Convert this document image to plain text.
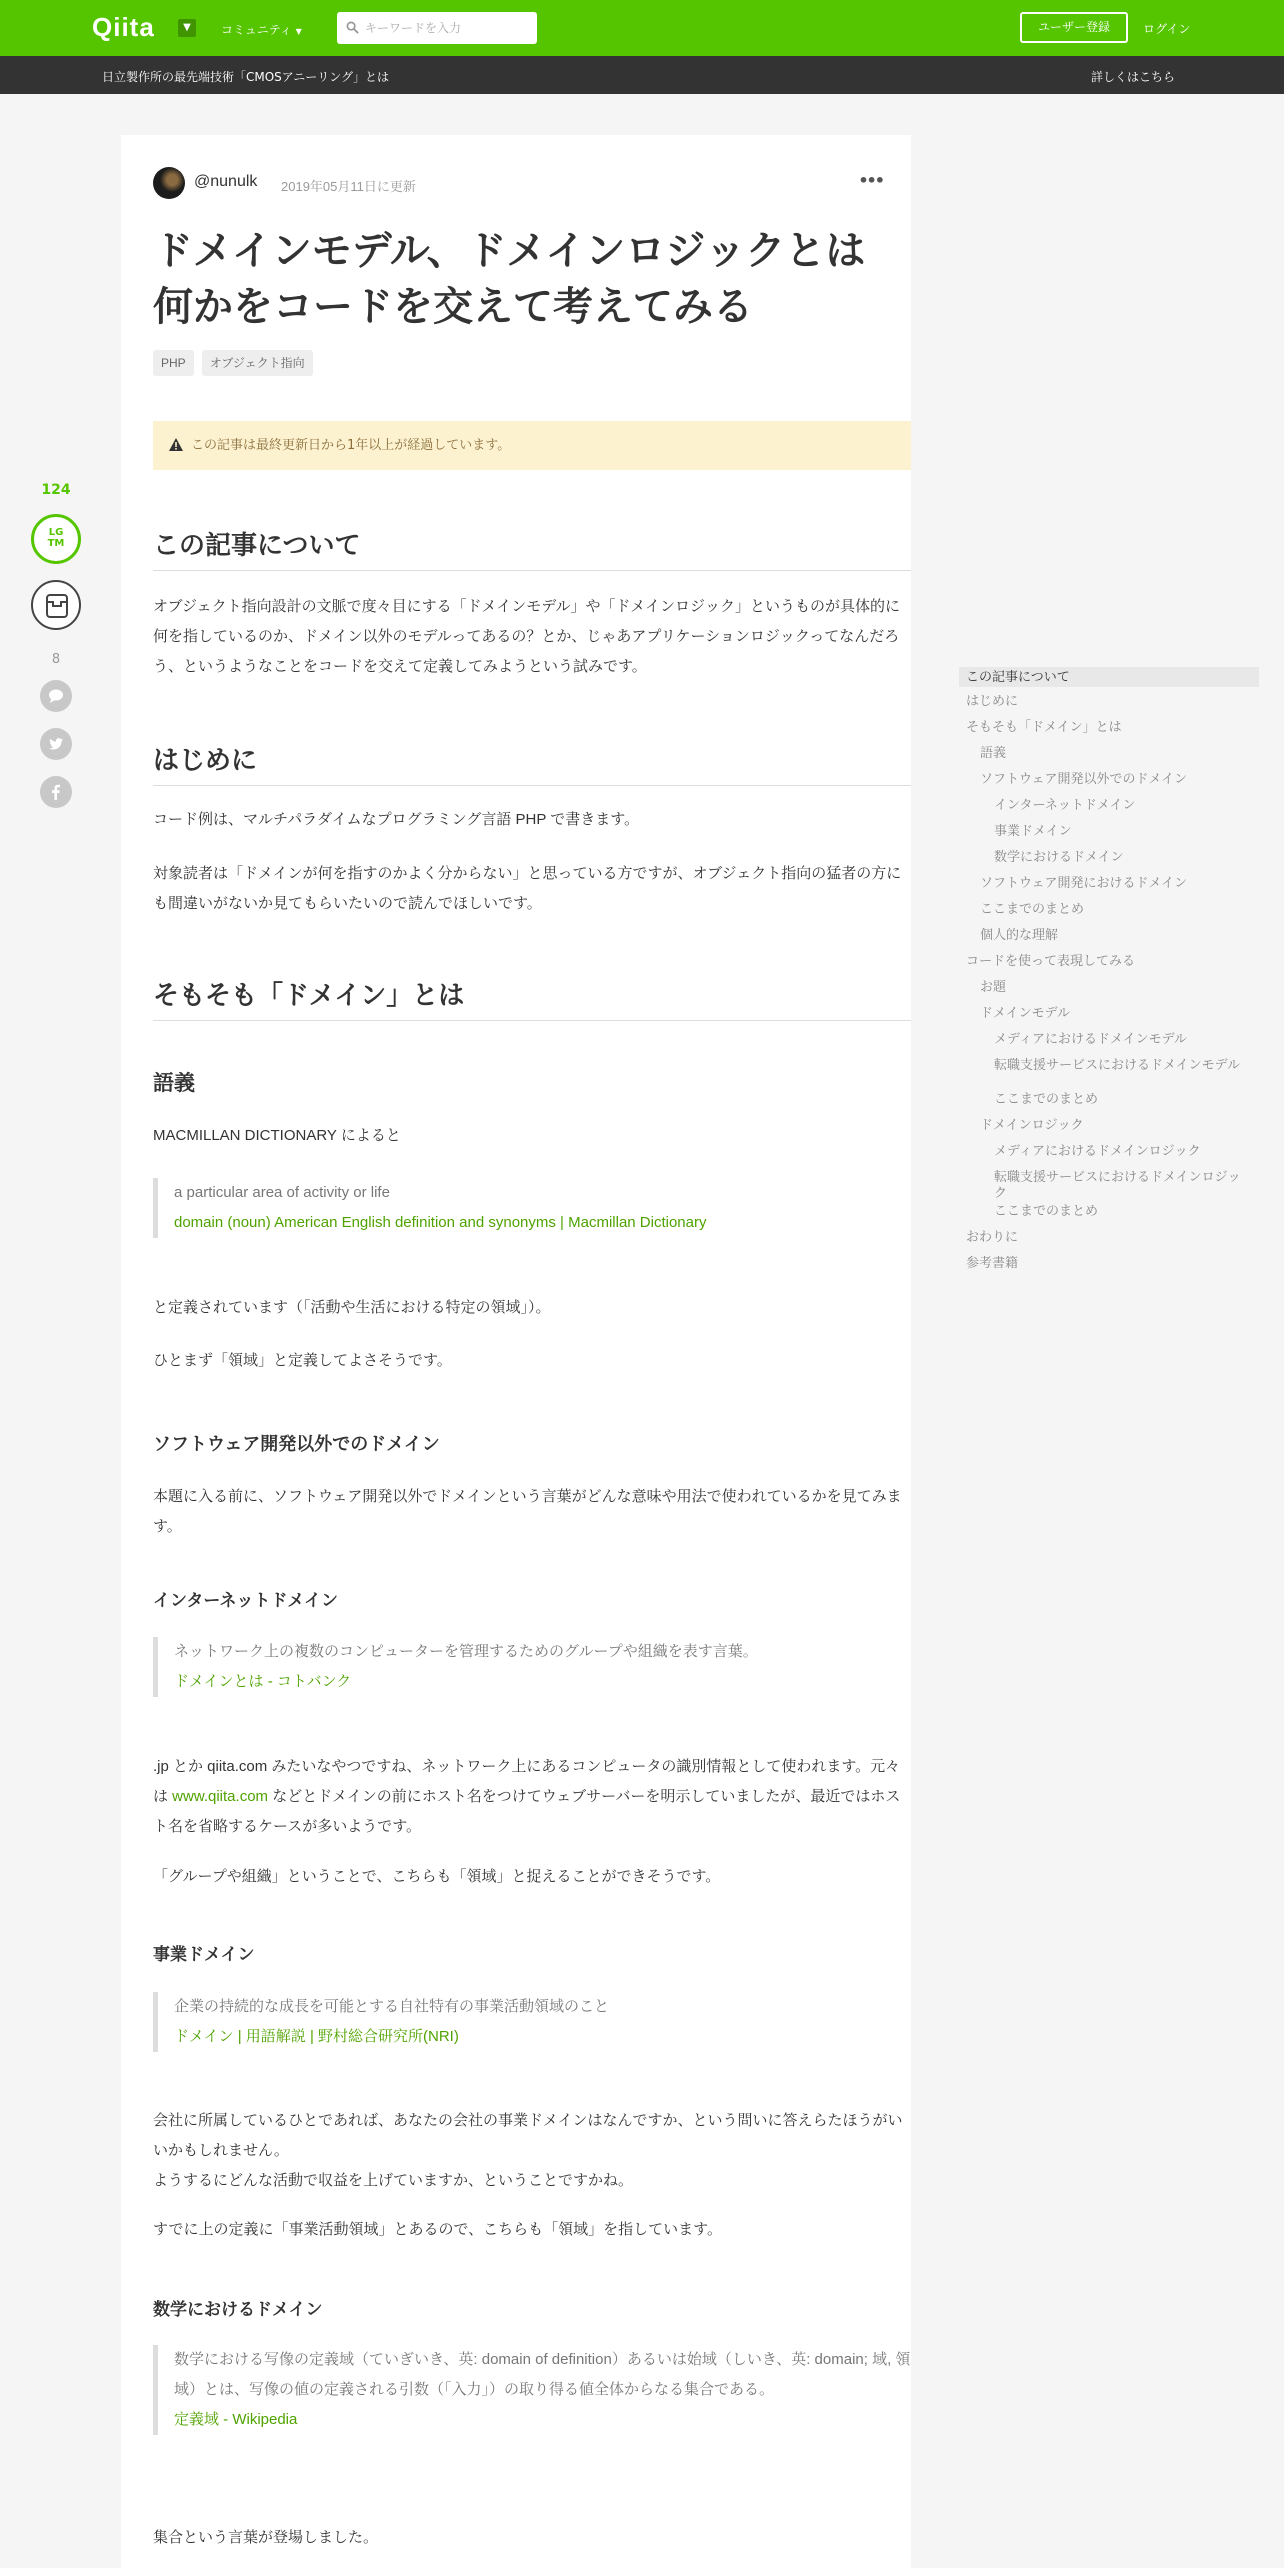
Qiita	▼	コミュニティ ▼
キーワードを入力	ユーザー登録	ログイン
日立製作所の最先端技術「CMOSアニーリング」とは	詳しくはこちら
124
LG
TM
8
@nunulk 2019年05月11日に更新	•••
ドメインモデル、ドメインロジックとは何かをコードを交えて考えてみる
PHP オブジェクト指向
この記事は最終更新日から1年以上が経過しています。
この記事について
オブジェクト指向設計の文脈で度々目にする「ドメインモデル」や「ドメインロジック」というものが具体的に何を指しているのか、ドメイン以外のモデルってあるの？とか、じゃあアプリケーションロジックってなんだろう、というようなことをコードを交えて定義してみようという試みです。
はじめに
コード例は、マルチパラダイムなプログラミング言語 PHP で書きます。
対象読者は「ドメインが何を指すのかよく分からない」と思っている方ですが、オブジェクト指向の猛者の方にも間違いがないか見てもらいたいので読んでほしいです。
そもそも「ドメイン」とは
語義
MACMILLAN DICTIONARY によると
a particular area of activity or life
domain (noun) American English definition and synonyms | Macmillan Dictionary
と定義されています（「活動や生活における特定の領域」）。
ひとまず「領域」と定義してよさそうです。
ソフトウェア開発以外でのドメイン
本題に入る前に、ソフトウェア開発以外でドメインという言葉がどんな意味や用法で使われているかを見てみます。
インターネットドメイン
ネットワーク上の複数のコンピューターを管理するためのグループや組織を表す言葉。
ドメインとは - コトバンク
.jp とか qiita.com みたいなやつですね、ネットワーク上にあるコンピュータの識別情報として使われます。元々は www.qiita.com などとドメインの前にホスト名をつけてウェブサーバーを明示していましたが、最近ではホスト名を省略するケースが多いようです。
「グループや組織」ということで、こちらも「領域」と捉えることができそうです。
事業ドメイン
企業の持続的な成長を可能とする自社特有の事業活動領域のこと
ドメイン | 用語解説 | 野村総合研究所(NRI)
会社に所属しているひとであれば、あなたの会社の事業ドメインはなんですか、という問いに答えらたほうがいいかもしれません。
ようするにどんな活動で収益を上げていますか、ということですかね。
すでに上の定義に「事業活動領域」とあるので、こちらも「領域」を指しています。
数学におけるドメイン
数学における写像の定義域（ていぎいき、英: domain of definition）あるいは始域（しいき、英: domain; 域, 領域）とは、写像の値の定義される引数（「入力」）の取り得る値全体からなる集合である。
定義域 - Wikipedia
集合という言葉が登場しました。
この記事について
はじめに
そもそも「ドメイン」とは
語義
ソフトウェア開発以外でのドメイン
インターネットドメイン
事業ドメイン
数学におけるドメイン
ソフトウェア開発におけるドメイン
ここまでのまとめ
個人的な理解
コードを使って表現してみる
お題
ドメインモデル
メディアにおけるドメインモデル
転職支援サービスにおけるドメインモデル
ここまでのまとめ
ドメインロジック
メディアにおけるドメインロジック
転職支援サービスにおけるドメインロジック
ここまでのまとめ
おわりに
参考書籍
